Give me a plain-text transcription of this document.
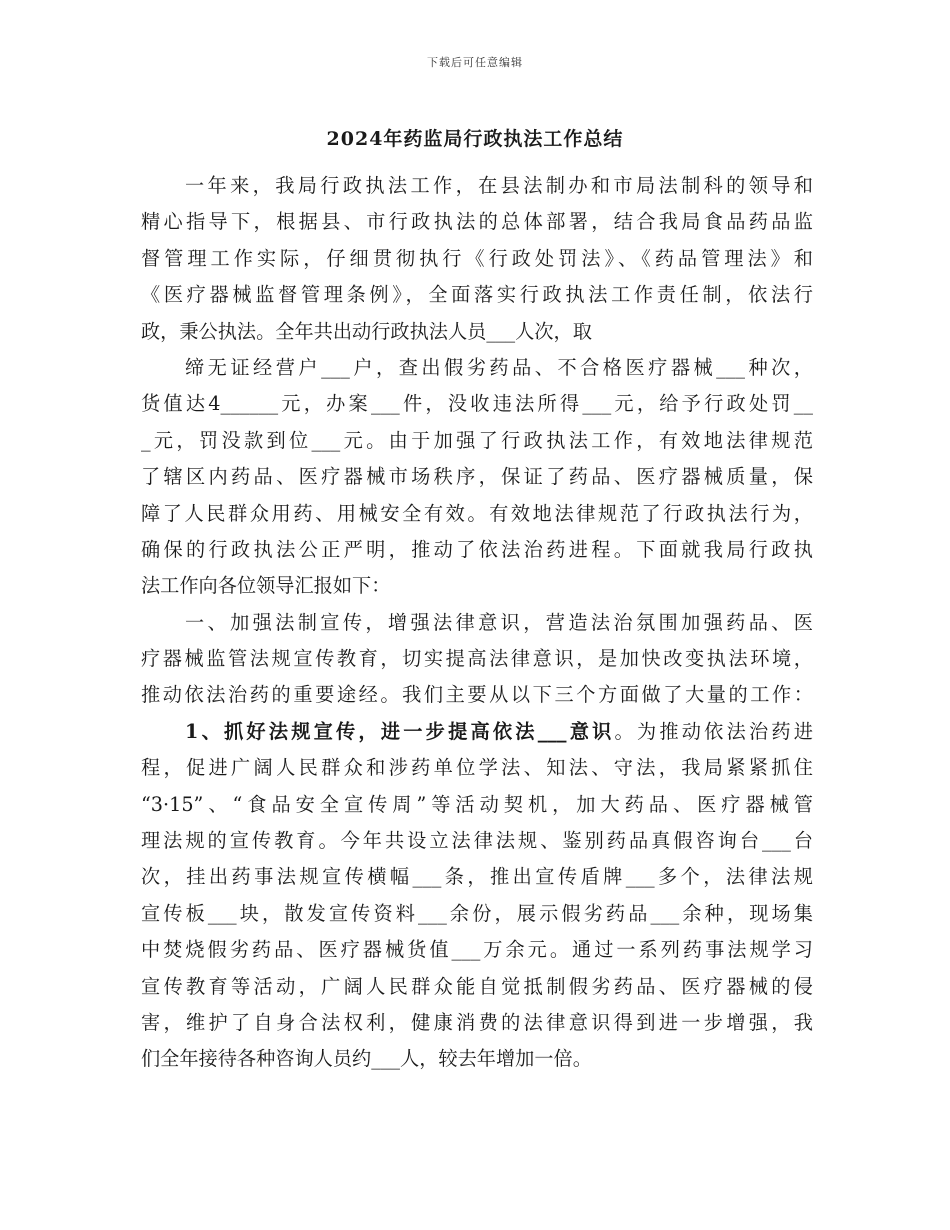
下载后可任意编辑
2024年药监局行政执法工作总结
一年来，我局行政执法工作，在县法制办和市局法制科的领导和
精心指导下，根据县、市行政执法的总体部署，结合我局食品药品监
督管理工作实际，仔细贯彻执行《行政处罚法》、《药品管理法》和
《医疗器械监督管理条例》，全面落实行政执法工作责任制，依法行
政，秉公执法。全年共出动行政执法人员___人次，取
缔无证经营户___户，查出假劣药品、不合格医疗器械___种次，
货值达4______元，办案___件，没收违法所得___元，给予行政处罚__
_元，罚没款到位___元。由于加强了行政执法工作，有效地法律规范
了辖区内药品、医疗器械市场秩序，保证了药品、医疗器械质量，保
障了人民群众用药、用械安全有效。有效地法律规范了行政执法行为，
确保的行政执法公正严明，推动了依法治药进程。下面就我局行政执
法工作向各位领导汇报如下：
一、加强法制宣传，增强法律意识，营造法治氛围加强药品、医
疗器械监管法规宣传教育，切实提高法律意识，是加快改变执法环境，
推动依法治药的重要途经。我们主要从以下三个方面做了大量的工作：
1、抓好法规宣传，进一步提高依法___意识。为推动依法治药进
程，促进广阔人民群众和涉药单位学法、知法、守法，我局紧紧抓住
“3·15”、“食品安全宣传周”等活动契机，加大药品、医疗器械管
理法规的宣传教育。今年共设立法律法规、鉴别药品真假咨询台___台
次，挂出药事法规宣传横幅___条，推出宣传盾牌___多个，法律法规
宣传板___块，散发宣传资料___余份，展示假劣药品___余种，现场集
中焚烧假劣药品、医疗器械货值___万余元。通过一系列药事法规学习
宣传教育等活动，广阔人民群众能自觉抵制假劣药品、医疗器械的侵
害，维护了自身合法权利，健康消费的法律意识得到进一步增强，我
们全年接待各种咨询人员约___人，较去年增加一倍。
